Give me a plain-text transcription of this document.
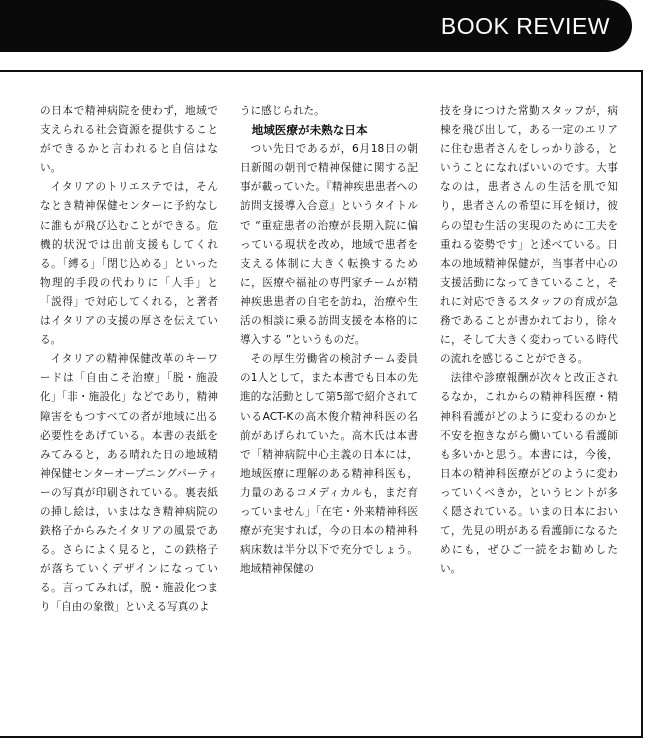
BOOK REVIEW

の日本で精神病院を使わず，地域で支えられる社会資源を提供することができるかと言われると自信はない。

イタリアのトリエステでは，そんなとき精神保健センターに予約なしに誰もが飛び込むことができる。危機的状況では出前支援もしてくれる。「縛る」「閉じ込める」といった物理的手段の代わりに「人手」と「説得」で対応してくれる，と著者はイタリアの支援の厚さを伝えている。

イタリアの精神保健改革のキーワードは「自由こそ治療」「脱・施設化」「非・施設化」などであり，精神障害をもつすべての者が地域に出る必要性をあげている。本書の表紙をみてみると，ある晴れた日の地域精神保健センターオープニングパーティーの写真が印刷されている。裏表紙の挿し絵は，いまはなき精神病院の鉄格子からみたイタリアの風景である。さらによく見ると，この鉄格子が落ちていくデザインになっている。言ってみれば，脱・施設化つまり「自由の象徴」といえる写真のよ

うに感じられた。

地域医療が未熟な日本

つい先日であるが，6月18日の朝日新聞の朝刊で精神保健に関する記事が載っていた。『精神疾患患者への訪問支援導入合意』というタイトルで “重症患者の治療が長期入院に偏っている現状を改め，地域で患者を支える体制に大きく転換するために，医療や福祉の専門家チームが精神疾患患者の自宅を訪ね，治療や生活の相談に乗る訪問支援を本格的に導入する ”というものだ。

その厚生労働省の検討チーム委員の1人として，また本書でも日本の先進的な活動として第5部で紹介されているACT-Kの高木俊介精神科医の名前があげられていた。高木氏は本書で「精神病院中心主義の日本には，地域医療に理解のある精神科医も，力量のあるコメディカルも，まだ育っていません」「在宅・外来精神科医療が充実すれば，今の日本の精神科病床数は半分以下で充分でしょう。地域精神保健の

技を身につけた常勤スタッフが，病棟を飛び出して，ある一定のエリアに住む患者さんをしっかり診る，ということになればいいのです。大事なのは，患者さんの生活を肌で知り，患者さんの希望に耳を傾け，彼らの望む生活の実現のために工夫を重ねる姿勢です」と述べている。日本の地域精神保健が，当事者中心の支援活動になってきていること，それに対応できるスタッフの育成が急務であることが書かれており，徐々に，そして大きく変わっている時代の流れを感じることができる。

法律や診療報酬が次々と改正されるなか，これからの精神科医療・精神科看護がどのように変わるのかと不安を抱きながら働いている看護師も多いかと思う。本書には，今後，日本の精神科医療がどのように変わっていくべきか，というヒントが多く隠されている。いまの日本において，先見の明がある看護師になるためにも，ぜひご一読をお勧めしたい。
